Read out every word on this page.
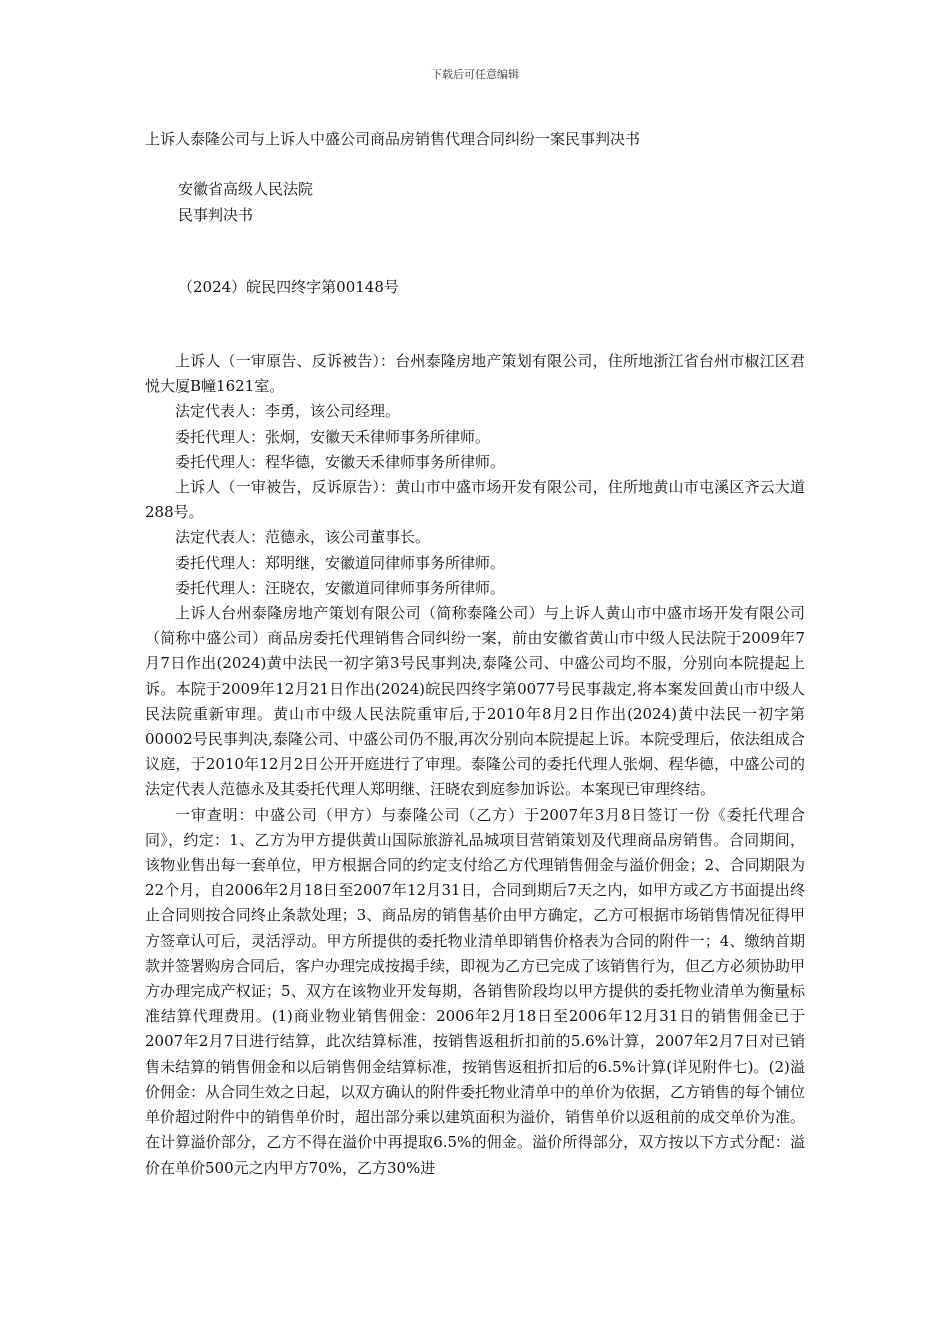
下载后可任意编辑
上诉人泰隆公司与上诉人中盛公司商品房销售代理合同纠纷一案民事判决书
安徽省高级人民法院
民事判决书
（2024）皖民四终字第00148号

上诉人（一审原告、反诉被告）：台州泰隆房地产策划有限公司，住所地浙江省台州市椒江区君悦大厦B幢1621室。

法定代表人：李勇，该公司经理。

委托代理人：张炯，安徽天禾律师事务所律师。

委托代理人：程华德，安徽天禾律师事务所律师。

上诉人（一审被告，反诉原告）：黄山市中盛市场开发有限公司，住所地黄山市屯溪区齐云大道288号。

法定代表人：范德永，该公司董事长。

委托代理人：郑明继，安徽道同律师事务所律师。

委托代理人：汪晓农，安徽道同律师事务所律师。

上诉人台州泰隆房地产策划有限公司（简称泰隆公司）与上诉人黄山市中盛市场开发有限公司（简称中盛公司）商品房委托代理销售合同纠纷一案，前由安徽省黄山市中级人民法院于2009年7月7日作出(2024)黄中法民一初字第3号民事判决,泰隆公司、中盛公司均不服，分别向本院提起上诉。本院于2009年12月21日作出(2024)皖民四终字第0077号民事裁定,将本案发回黄山市中级人民法院重新审理。黄山市中级人民法院重审后,于2010年8月2日作出(2024)黄中法民一初字第00002号民事判决,泰隆公司、中盛公司仍不服,再次分别向本院提起上诉。本院受理后，依法组成合议庭，于2010年12月2日公开开庭进行了审理。泰隆公司的委托代理人张炯、程华德，中盛公司的法定代表人范德永及其委托代理人郑明继、汪晓农到庭参加诉讼。本案现已审理终结。

一审查明：中盛公司（甲方）与泰隆公司（乙方）于2007年3月8日签订一份《委托代理合同》，约定：1、乙方为甲方提供黄山国际旅游礼品城项目营销策划及代理商品房销售。合同期间，该物业售出每一套单位，甲方根据合同的约定支付给乙方代理销售佣金与溢价佣金；2、合同期限为22个月，自2006年2月18日至2007年12月31日，合同到期后7天之内，如甲方或乙方书面提出终止合同则按合同终止条款处理；3、商品房的销售基价由甲方确定，乙方可根据市场销售情况征得甲方签章认可后，灵活浮动。甲方所提供的委托物业清单即销售价格表为合同的附件一；4、缴纳首期款并签署购房合同后，客户办理完成按揭手续，即视为乙方已完成了该销售行为，但乙方必须协助甲方办理完成产权证；5、双方在该物业开发每期，各销售阶段均以甲方提供的委托物业清单为衡量标准结算代理费用。(1)商业物业销售佣金：2006年2月18日至2006年12月31日的销售佣金已于2007年2月7日进行结算，此次结算标准，按销售返租折扣前的5.6%计算，2007年2月7日对已销售未结算的销售佣金和以后销售佣金结算标准，按销售返租折扣后的6.5%计算(详见附件七)。(2)溢价佣金：从合同生效之日起，以双方确认的附件委托物业清单中的单价为依据，乙方销售的每个铺位单价超过附件中的销售单价时，超出部分乘以建筑面积为溢价，销售单价以返租前的成交单价为准。在计算溢价部分，乙方不得在溢价中再提取6.5%的佣金。溢价所得部分，双方按以下方式分配：溢价在单价500元之内甲方70%，乙方30%进
